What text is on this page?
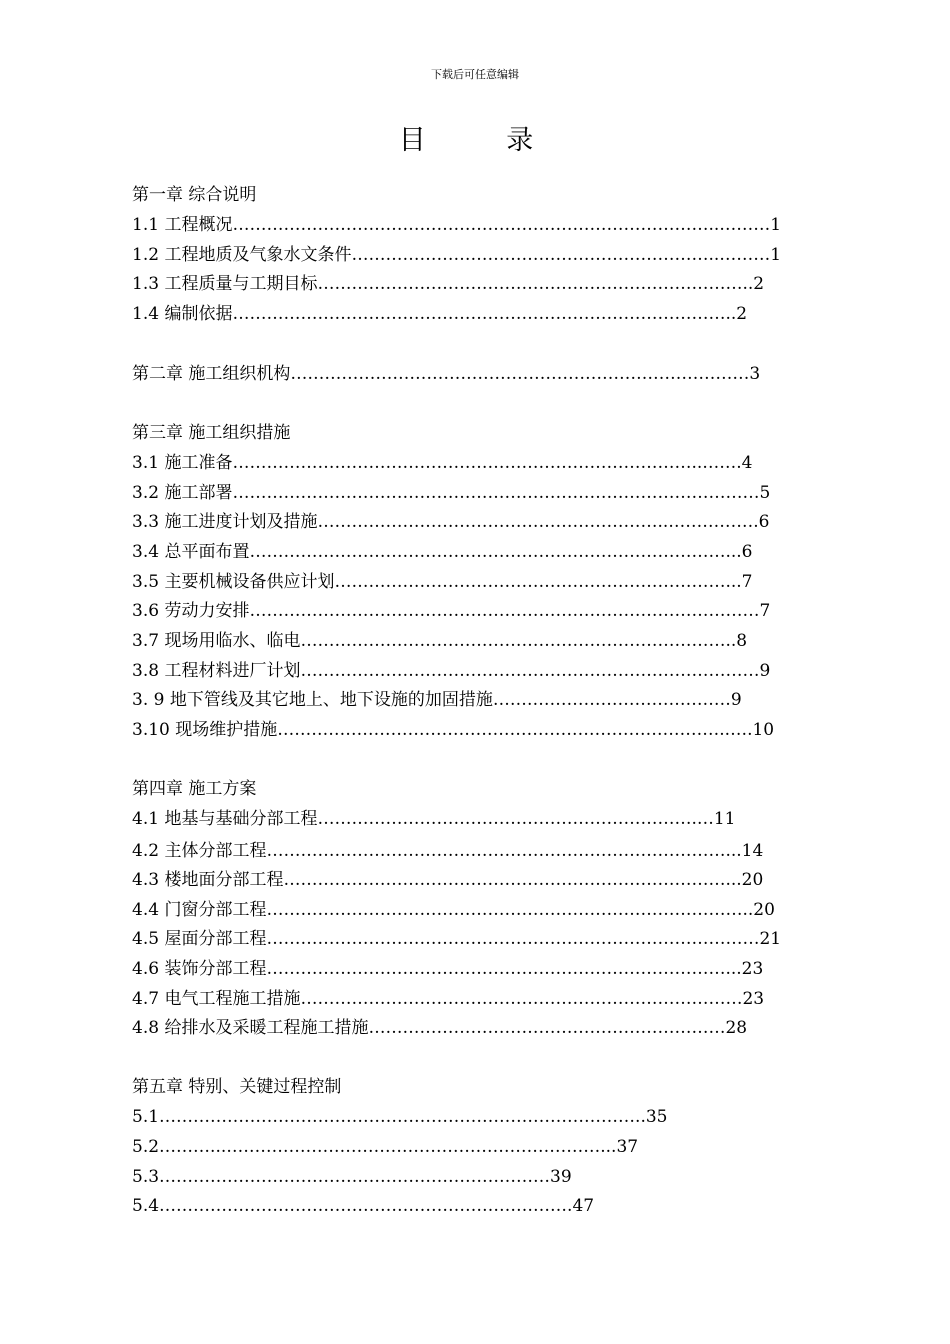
下载后可任意编辑
目 录
第一章 综合说明
1.1 工程概况…………………………………………………………………………..………1
1.2 工程地质及气象水文条件………………………………………………………..………1
1.3 工程质量与工期目标…………………………………………………………………..2
1.4 编制依据……………………………………………………………………………..2
第二章 施工组织机构………………………………………………………………………3
第三章 施工组织措施
3.1 施工准备………………………………………………………………………..…….4
3.2 施工部署…………………………………………………………………………………5
3.3 施工进度计划及措施……………………………………………………..…………….6
3.4 总平面布置…………………………………………………………………………...6
3.5 主要机械设备供应计划……………………………………………………………...7
3.6 劳动力安排………………………………………………………………………………7
3.7 现场用临水、临电…………………………………………………………………..8
3.8 工程材料进厂计划………………………………………………………………………9
3. 9 地下管线及其它地上、地下设施的加固措施……………………………………9
3.10 现场维护措施……………………………………………………………………..….10
第四章 施工方案
4.1 地基与基础分部工程………………………………………………………….…11
4.2 主体分部工程………………………………………………………………………...14
4.3 楼地面分部工程……………………………………………………………………...20
4.4 门窗分部工程…………………………………………………………………………..20
4.5 屋面分部工程……………………………………………………………………………21
4.6 装饰分部工程………………………………………………………………………...23
4.7 电气工程施工措施……………………………………………………………………23
4.8 给排水及采暖工程施工措施………………………………………………………28
第五章 特别、关键过程控制
5.1…………………………………………………………………………..35
5.2………...…………………………………………………………...37
5.3……………………………………………………………39
5.4……………………………………………………………….47
